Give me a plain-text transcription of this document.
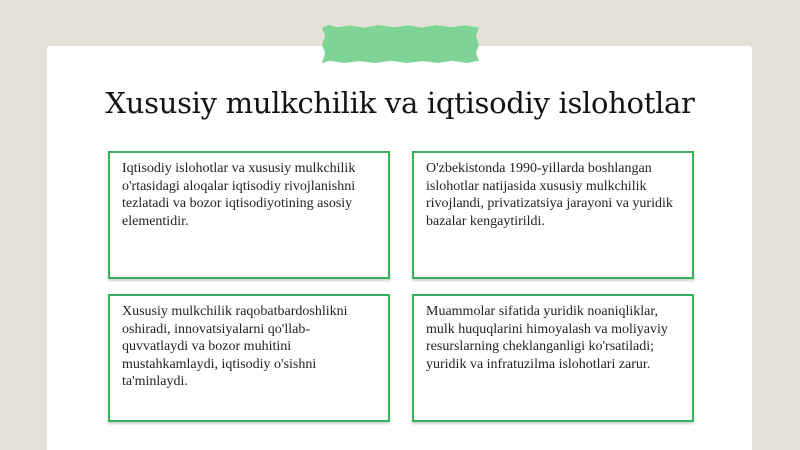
Xususiy mulkchilik va iqtisodiy islohotlar

Iqtisodiy islohotlar va xususiy mulkchilik o'rtasidagi aloqalar iqtisodiy rivojlanishni tezlatadi va bozor iqtisodiyotining asosiy elementidir.

O'zbekistonda 1990-yillarda boshlangan islohotlar natijasida xususiy mulkchilik rivojlandi, privatizatsiya jarayoni va yuridik bazalar kengaytirildi.

Xususiy mulkchilik raqobatbardoshlikni oshiradi, innovatsiyalarni qo'llab-quvvatlaydi va bozor muhitini mustahkamlaydi, iqtisodiy o'sishni ta'minlaydi.

Muammolar sifatida yuridik noaniqliklar, mulk huquqlarini himoyalash va moliyaviy resurslarning cheklanganligi ko'rsatiladi; yuridik va infratuzilma islohotlari zarur.
